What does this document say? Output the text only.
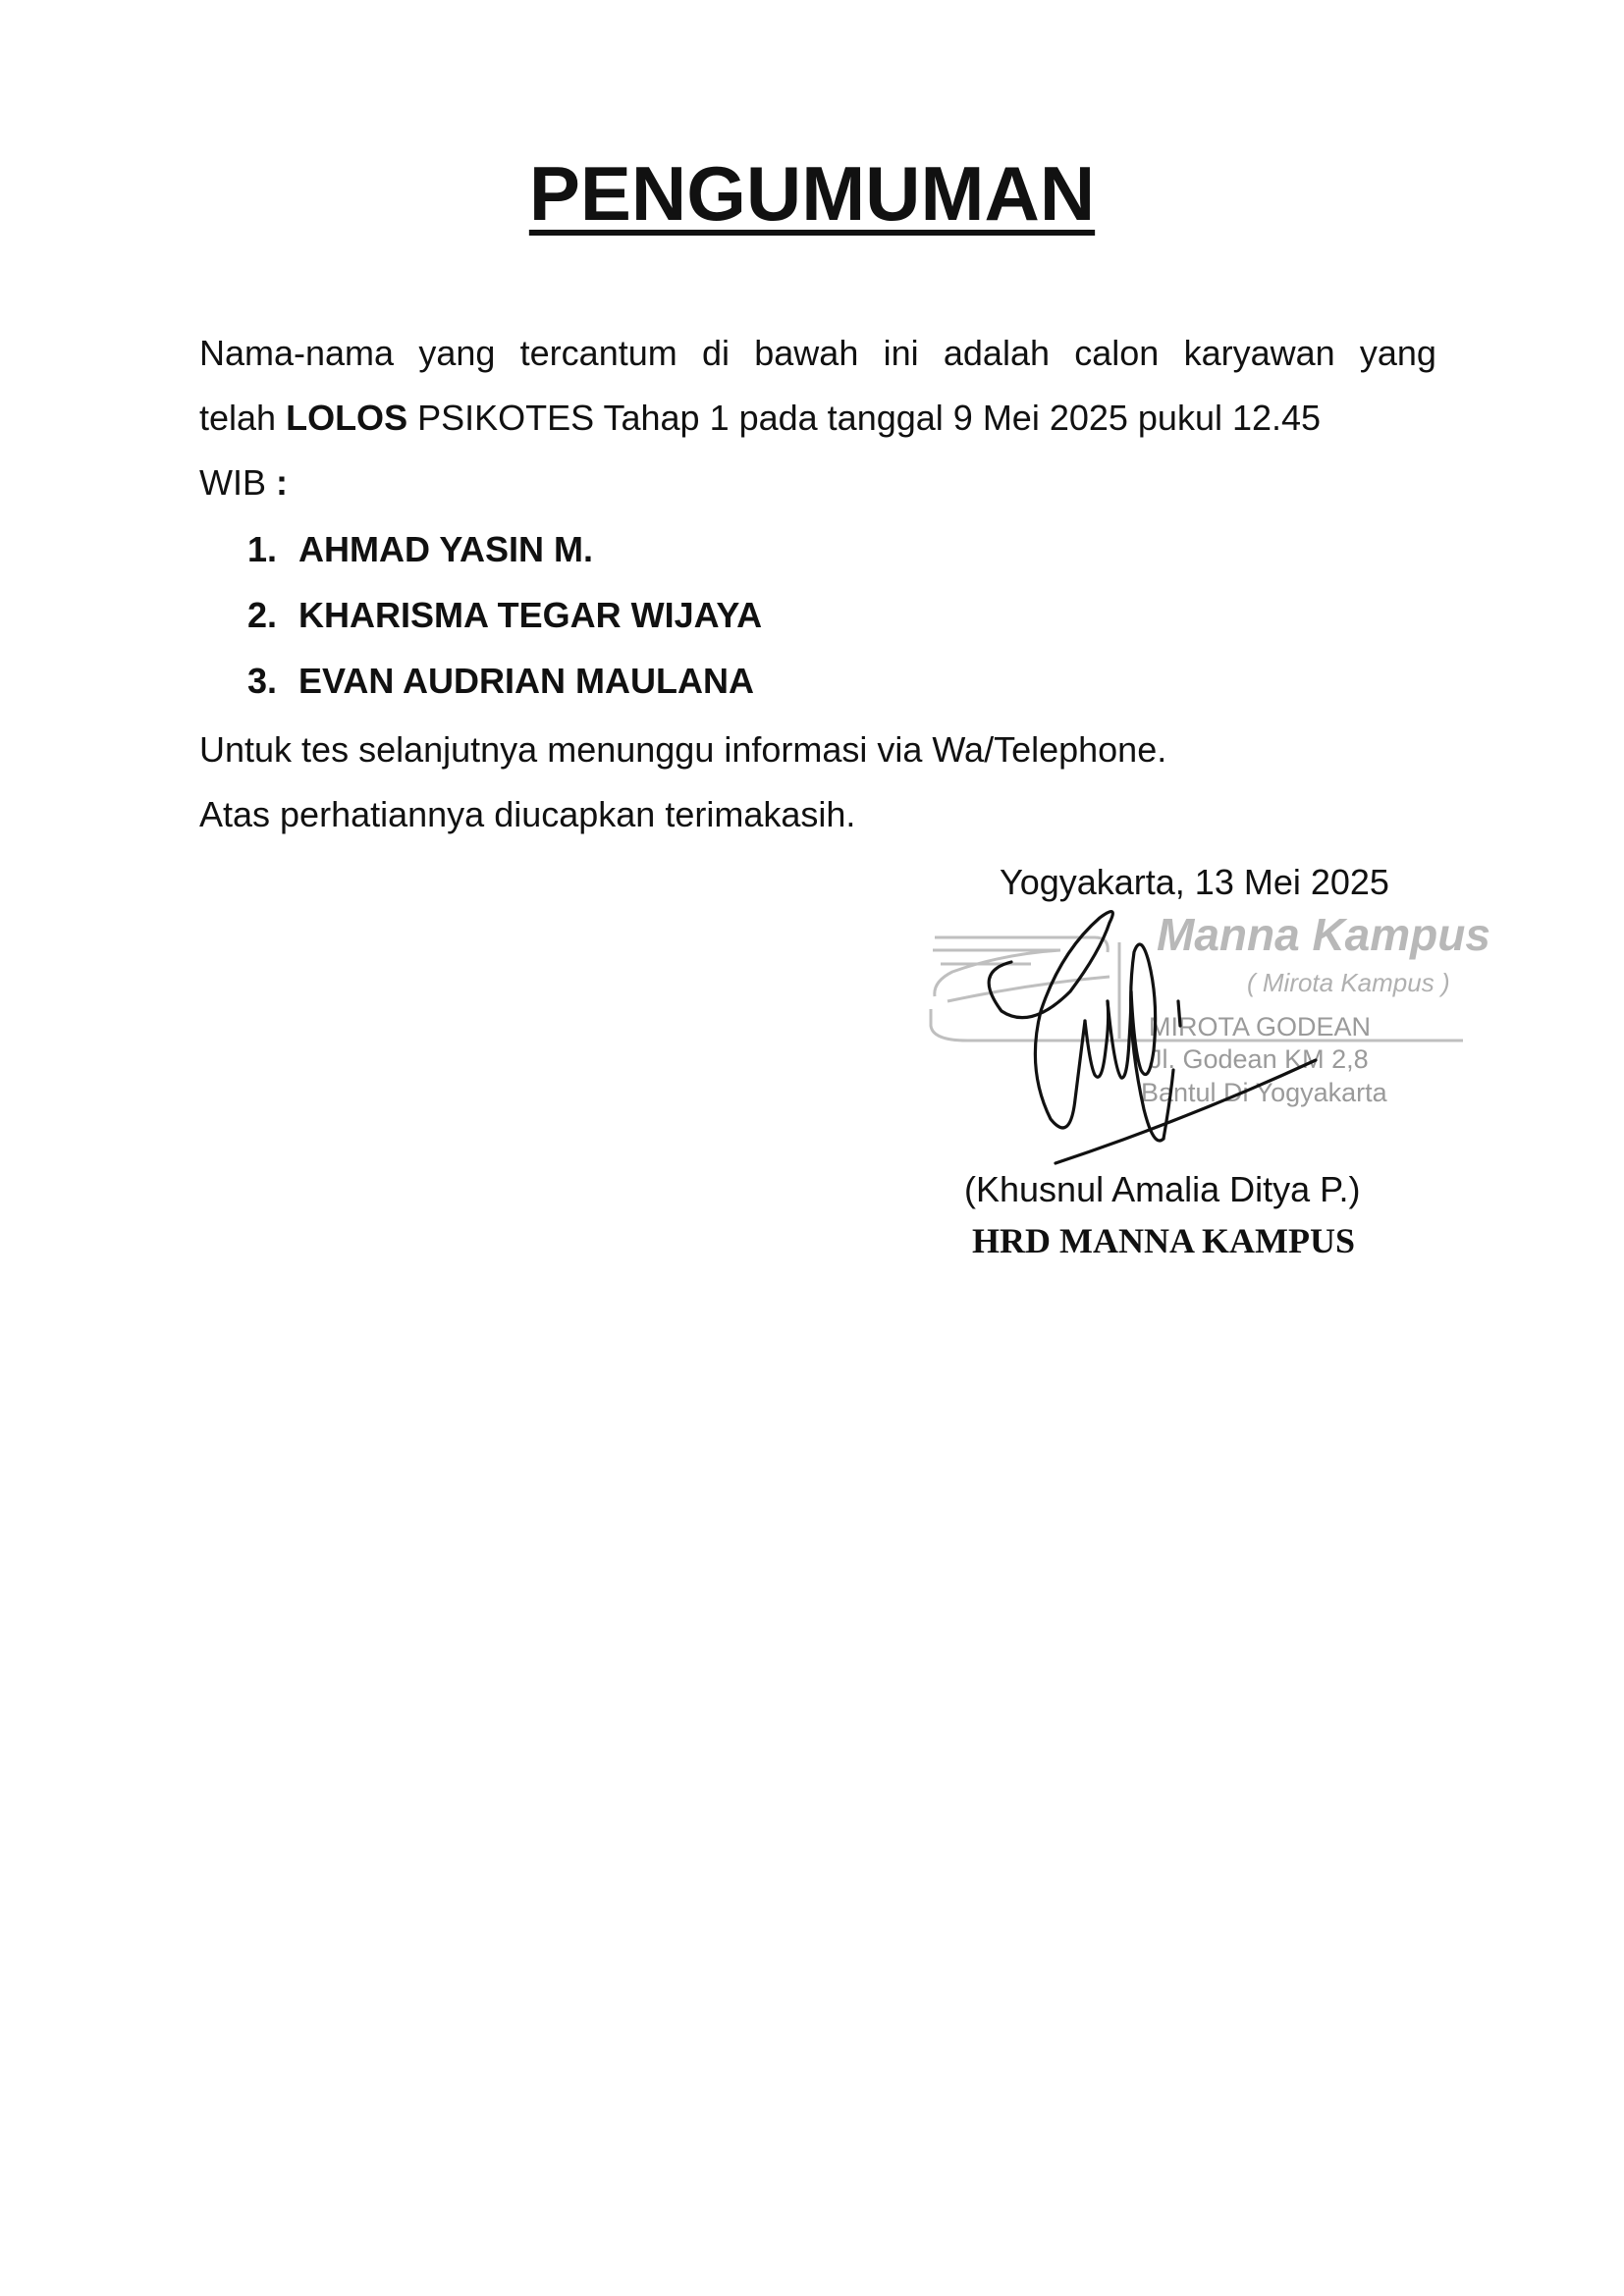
PENGUMUMAN
Nama-nama yang tercantum di bawah ini adalah calon karyawan yang
telah LOLOS PSIKOTES Tahap 1 pada tanggal 9 Mei 2025 pukul 12.45
WIB :
1. AHMAD YASIN M.
2. KHARISMA TEGAR WIJAYA
3. EVAN AUDRIAN MAULANA

Untuk tes selanjutnya menunggu informasi via Wa/Telephone.

Atas perhatiannya diucapkan terimakasih.

Yogyakarta, 13 Mei 2025

Manna Kampus
( Mirota Kampus )
MIROTA GODEAN
Jl. Godean KM 2,8
Bantul Di Yogyakarta

(Khusnul Amalia Ditya P.)

HRD MANNA KAMPUS
